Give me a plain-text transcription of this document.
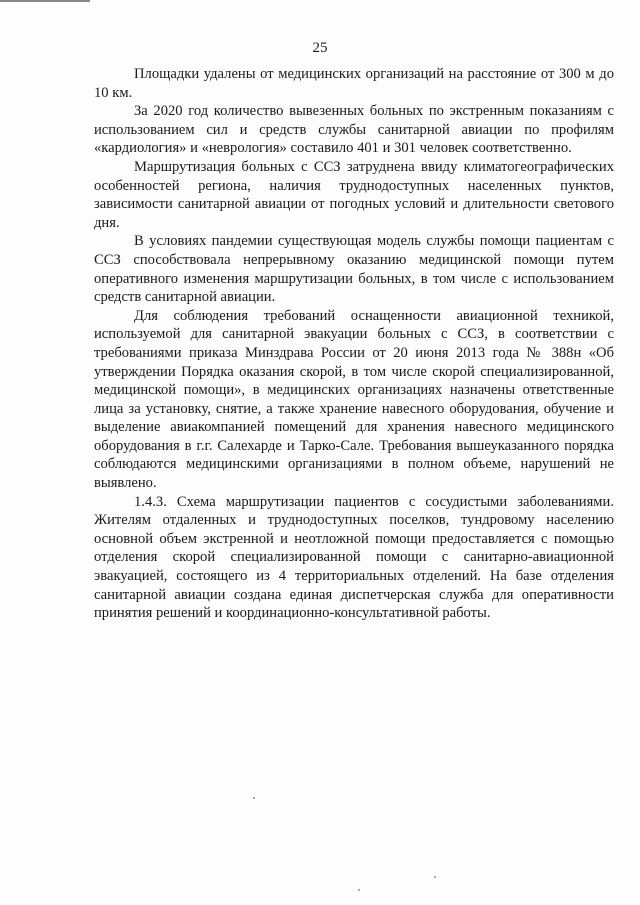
25

Площадки удалены от медицинских организаций на расстояние от 300 м до 10 км.

За 2020 год количество вывезенных больных по экстренным показаниям с использованием сил и средств службы санитарной авиации по профилям «кардиология» и «неврология» составило 401 и 301 человек соответственно.

Маршрутизация больных с ССЗ затруднена ввиду климатогеографических особенностей региона, наличия труднодоступных населенных пунктов, зависимости санитарной авиации от погодных условий и длительности светового дня.

В условиях пандемии существующая модель службы помощи пациентам с ССЗ способствовала непрерывному оказанию медицинской помощи путем оперативного изменения маршрутизации больных, в том числе с использованием средств санитарной авиации.

Для соблюдения требований оснащенности авиационной техникой, используемой для санитарной эвакуации больных с ССЗ, в соответствии с требованиями приказа Минздрава России от 20 июня 2013 года № 388н «Об утверждении Порядка оказания скорой, в том числе скорой специализированной, медицинской помощи», в медицинских организациях назначены ответственные лица за установку, снятие, а также хранение навесного оборудования, обучение и выделение авиакомпанией помещений для хранения навесного медицинского оборудования в г.г. Салехарде и Тарко-Сале. Требования вышеуказанного порядка соблюдаются медицинскими организациями в полном объеме, нарушений не выявлено.

1.4.3. Схема маршрутизации пациентов с сосудистыми заболеваниями. Жителям отдаленных и труднодоступных поселков, тундровому населению основной объем экстренной и неотложной помощи предоставляется с помощью отделения скорой специализированной помощи с санитарно-авиационной эвакуацией, состоящего из 4 территориальных отделений. На базе отделения санитарной авиации создана единая диспетчерская служба для оперативности принятия решений и координационно-консультативной работы.
